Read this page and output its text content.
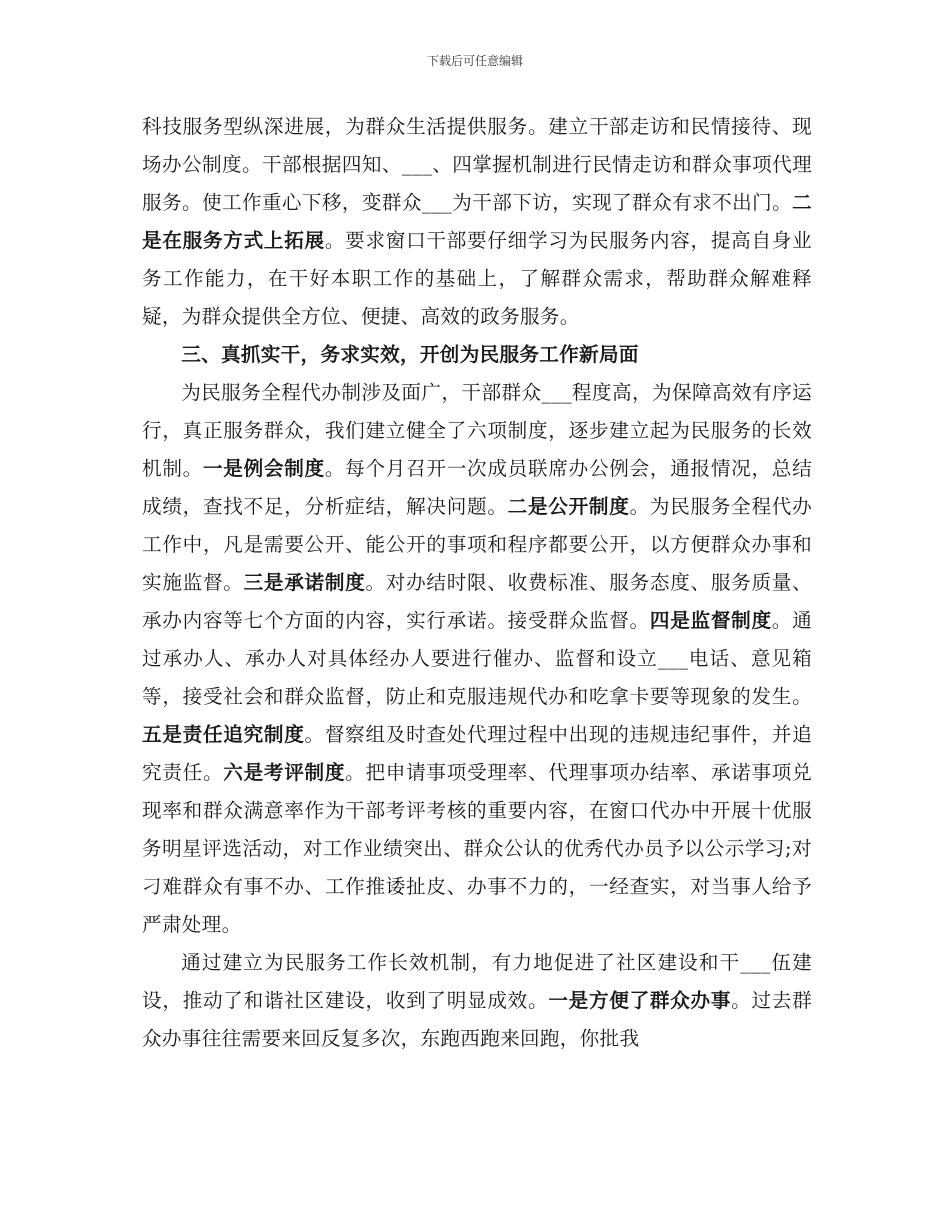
下载后可任意编辑

科技服务型纵深进展，为群众生活提供服务。建立干部走访和民情接待、现场办公制度。干部根据四知、___、四掌握机制进行民情走访和群众事项代理服务。使工作重心下移，变群众___为干部下访，实现了群众有求不出门。二是在服务方式上拓展。要求窗口干部要仔细学习为民服务内容，提高自身业务工作能力，在干好本职工作的基础上，了解群众需求，帮助群众解难释疑，为群众提供全方位、便捷、高效的政务服务。

三、真抓实干，务求实效，开创为民服务工作新局面

为民服务全程代办制涉及面广，干部群众___程度高，为保障高效有序运行，真正服务群众，我们建立健全了六项制度，逐步建立起为民服务的长效机制。一是例会制度。每个月召开一次成员联席办公例会，通报情况，总结成绩，查找不足，分析症结，解决问题。二是公开制度。为民服务全程代办工作中，凡是需要公开、能公开的事项和程序都要公开，以方便群众办事和实施监督。三是承诺制度。对办结时限、收费标准、服务态度、服务质量、承办内容等七个方面的内容，实行承诺。接受群众监督。四是监督制度。通过承办人、承办人对具体经办人要进行催办、监督和设立___电话、意见箱等，接受社会和群众监督，防止和克服违规代办和吃拿卡要等现象的发生。五是责任追究制度。督察组及时查处代理过程中出现的违规违纪事件，并追究责任。六是考评制度。把申请事项受理率、代理事项办结率、承诺事项兑现率和群众满意率作为干部考评考核的重要内容，在窗口代办中开展十优服务明星评选活动，对工作业绩突出、群众公认的优秀代办员予以公示学习;对刁难群众有事不办、工作推诿扯皮、办事不力的，一经查实，对当事人给予严肃处理。

通过建立为民服务工作长效机制，有力地促进了社区建设和干___伍建设，推动了和谐社区建设，收到了明显成效。一是方便了群众办事。过去群众办事往往需要来回反复多次，东跑西跑来回跑，你批我
